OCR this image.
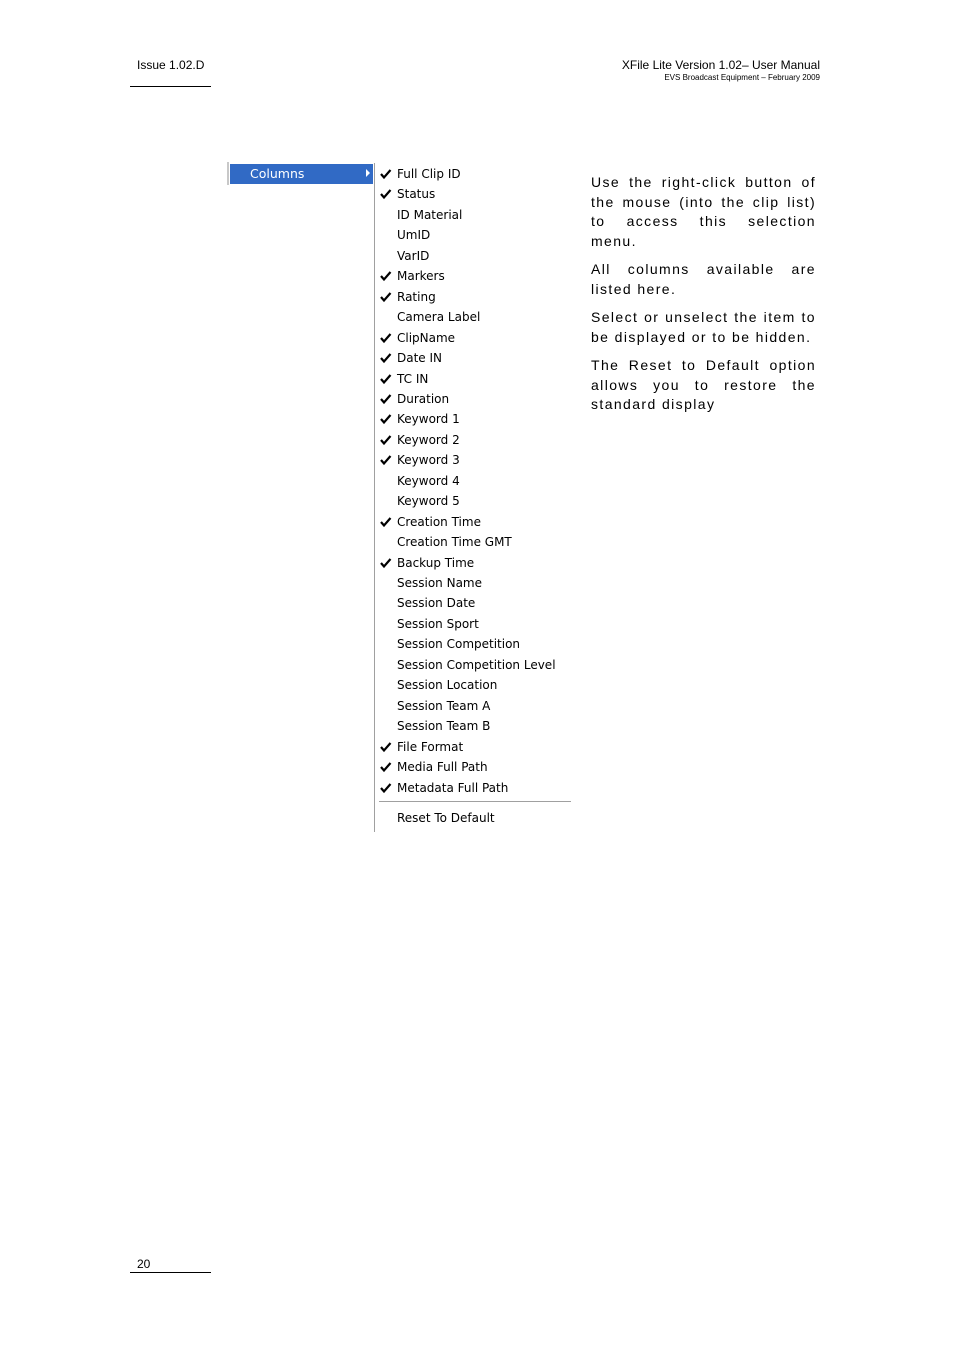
Issue 1.02.D	XFile Lite Version 1.02– User Manual
EVS Broadcast Equipment – February 2009
Columns	Full Clip ID
Status
ID Material
UmID
VarID
Markers
Rating
Camera Label
ClipName
Date IN
TC IN
Duration
Keyword 1
Keyword 2
Keyword 3
Keyword 4
Keyword 5
Creation Time
Creation Time GMT
Backup Time
Session Name
Session Date
Session Sport
Session Competition
Session Competition Level
Session Location
Session Team A
Session Team B
File Format
Media Full Path
Metadata Full Path
Reset To Default

Use the right-click button of the mouse (into the clip list) to access this selection menu.

All columns available are listed here.

Select or unselect the item to be displayed or to be hidden.

The Reset to Default option allows you to restore the standard display

20
